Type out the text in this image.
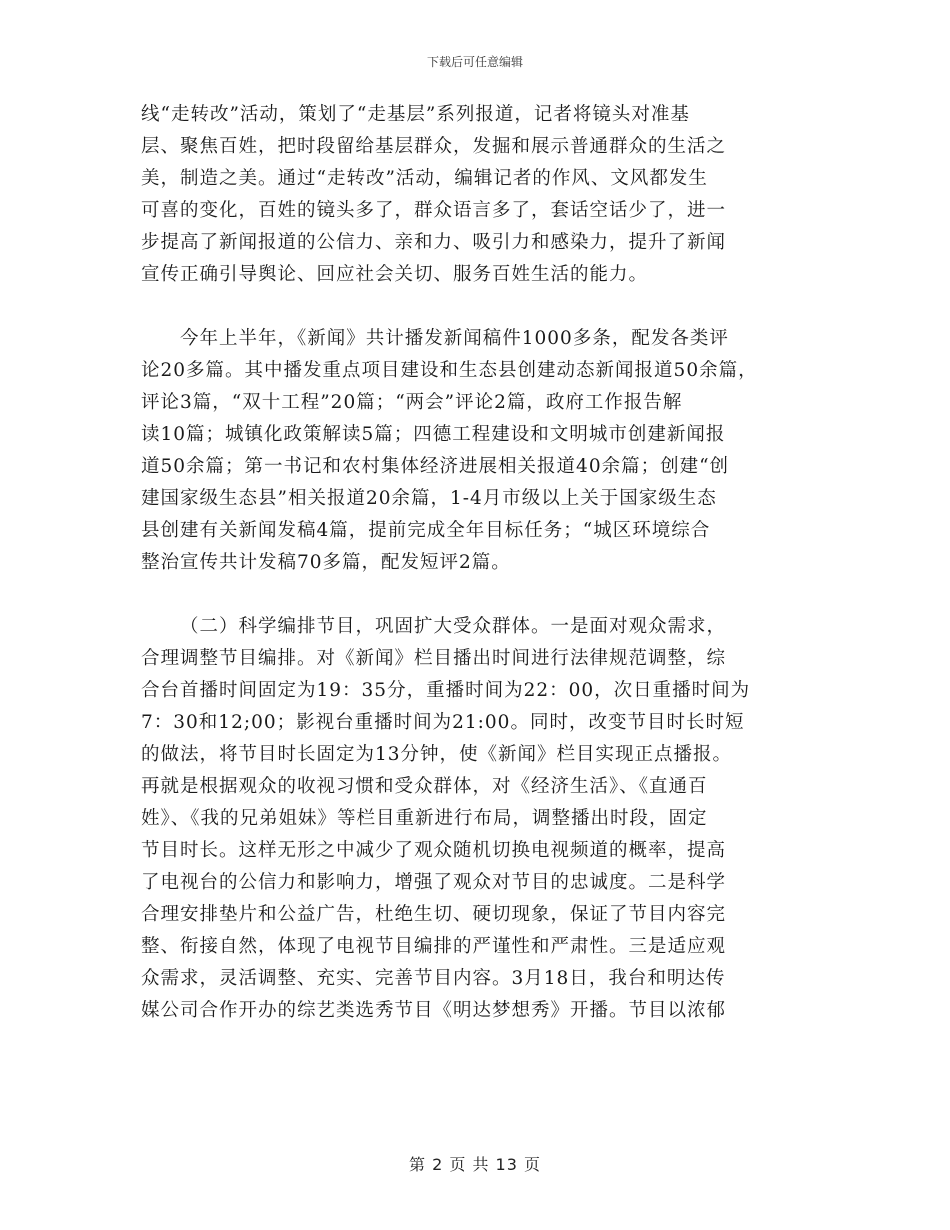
下载后可任意编辑
线“走转改”活动，策划了“走基层”系列报道，记者将镜头对准基
层、聚焦百姓，把时段留给基层群众，发掘和展示普通群众的生活之
美，制造之美。通过“走转改”活动，编辑记者的作风、文风都发生
可喜的变化，百姓的镜头多了，群众语言多了，套话空话少了，进一
步提高了新闻报道的公信力、亲和力、吸引力和感染力，提升了新闻
宣传正确引导舆论、回应社会关切、服务百姓生活的能力。
今年上半年，《新闻》共计播发新闻稿件1000多条，配发各类评
论20多篇。其中播发重点项目建设和生态县创建动态新闻报道50余篇，
评论3篇，“双十工程”20篇；“两会”评论2篇，政府工作报告解
读10篇；城镇化政策解读5篇；四德工程建设和文明城市创建新闻报
道50余篇；第一书记和农村集体经济进展相关报道40余篇；创建“创
建国家级生态县”相关报道20余篇，1-4月市级以上关于国家级生态
县创建有关新闻发稿4篇，提前完成全年目标任务；“城区环境综合
整治宣传共计发稿70多篇，配发短评2篇。
（二）科学编排节目，巩固扩大受众群体。一是面对观众需求，
合理调整节目编排。对《新闻》栏目播出时间进行法律规范调整，综
合台首播时间固定为19：35分，重播时间为22：00，次日重播时间为
7：30和12;00；影视台重播时间为21:00。同时，改变节目时长时短
的做法，将节目时长固定为13分钟，使《新闻》栏目实现正点播报。
再就是根据观众的收视习惯和受众群体，对《经济生活》、《直通百
姓》、《我的兄弟姐妹》等栏目重新进行布局，调整播出时段，固定
节目时长。这样无形之中减少了观众随机切换电视频道的概率，提高
了电视台的公信力和影响力，增强了观众对节目的忠诚度。二是科学
合理安排垫片和公益广告，杜绝生切、硬切现象，保证了节目内容完
整、衔接自然，体现了电视节目编排的严谨性和严肃性。三是适应观
众需求，灵活调整、充实、完善节目内容。3月18日，我台和明达传
媒公司合作开办的综艺类选秀节目《明达梦想秀》开播。节目以浓郁
第 2 页 共 13 页
